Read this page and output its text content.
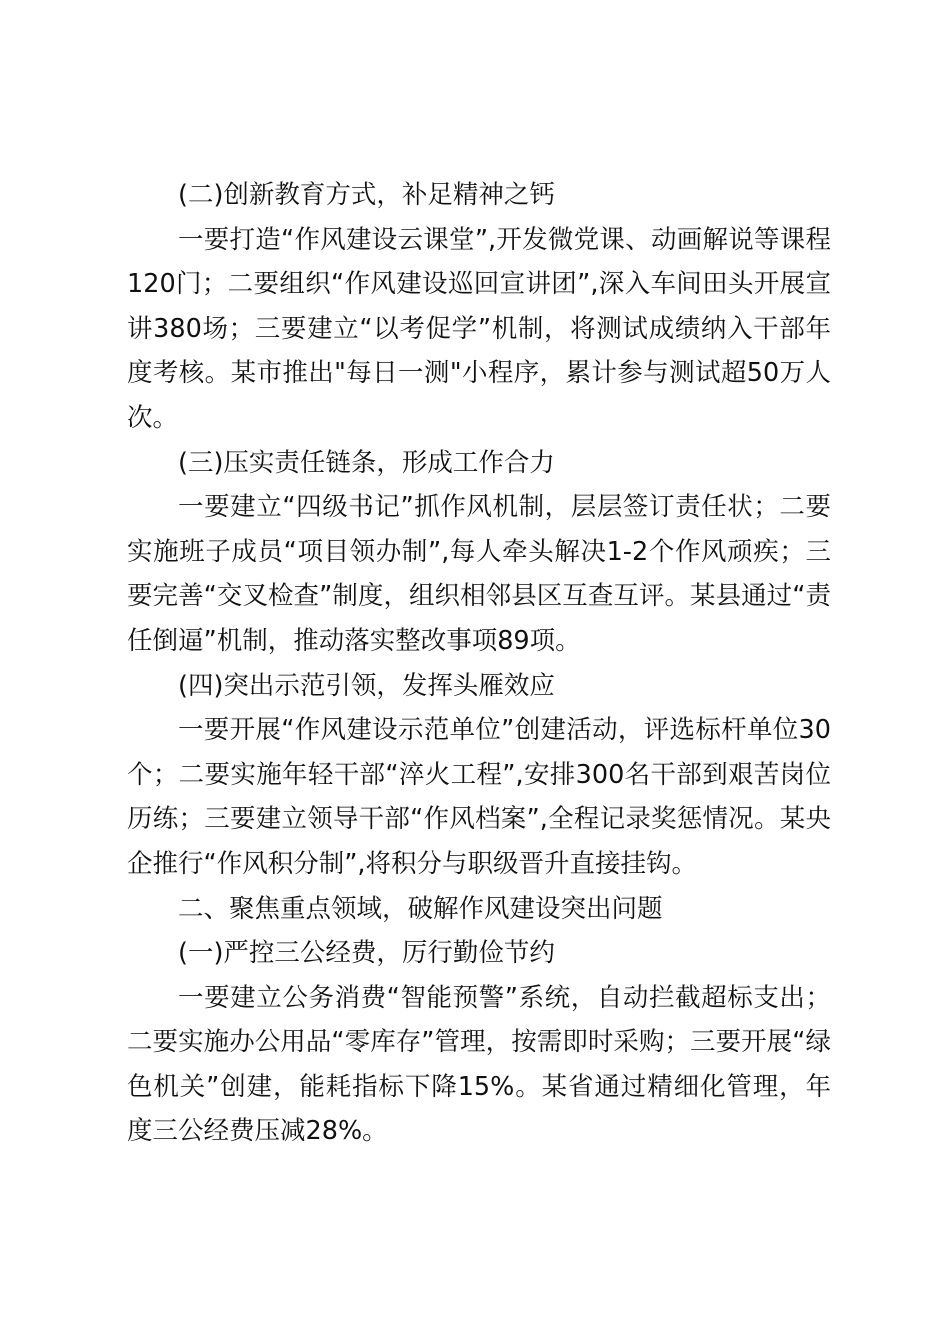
(二)创新教育方式，补足精神之钙

一要打造“作风建设云课堂”,开发微党课、动画解说等课程120门；二要组织“作风建设巡回宣讲团”,深入车间田头开展宣讲380场；三要建立“以考促学”机制，将测试成绩纳入干部年度考核。某市推出"每日一测"小程序，累计参与测试超50万人次。

(三)压实责任链条，形成工作合力

一要建立“四级书记”抓作风机制，层层签订责任状；二要实施班子成员“项目领办制”,每人牵头解决1-2个作风顽疾；三要完善“交叉检查”制度，组织相邻县区互查互评。某县通过“责任倒逼”机制，推动落实整改事项89项。

(四)突出示范引领，发挥头雁效应

一要开展“作风建设示范单位”创建活动，评选标杆单位30个；二要实施年轻干部“淬火工程”,安排300名干部到艰苦岗位历练；三要建立领导干部“作风档案”,全程记录奖惩情况。某央企推行“作风积分制”,将积分与职级晋升直接挂钩。

二、聚焦重点领域，破解作风建设突出问题

(一)严控三公经费，厉行勤俭节约

一要建立公务消费“智能预警”系统，自动拦截超标支出；二要实施办公用品“零库存”管理，按需即时采购；三要开展“绿色机关”创建，能耗指标下降15%。某省通过精细化管理，年度三公经费压减28%。
